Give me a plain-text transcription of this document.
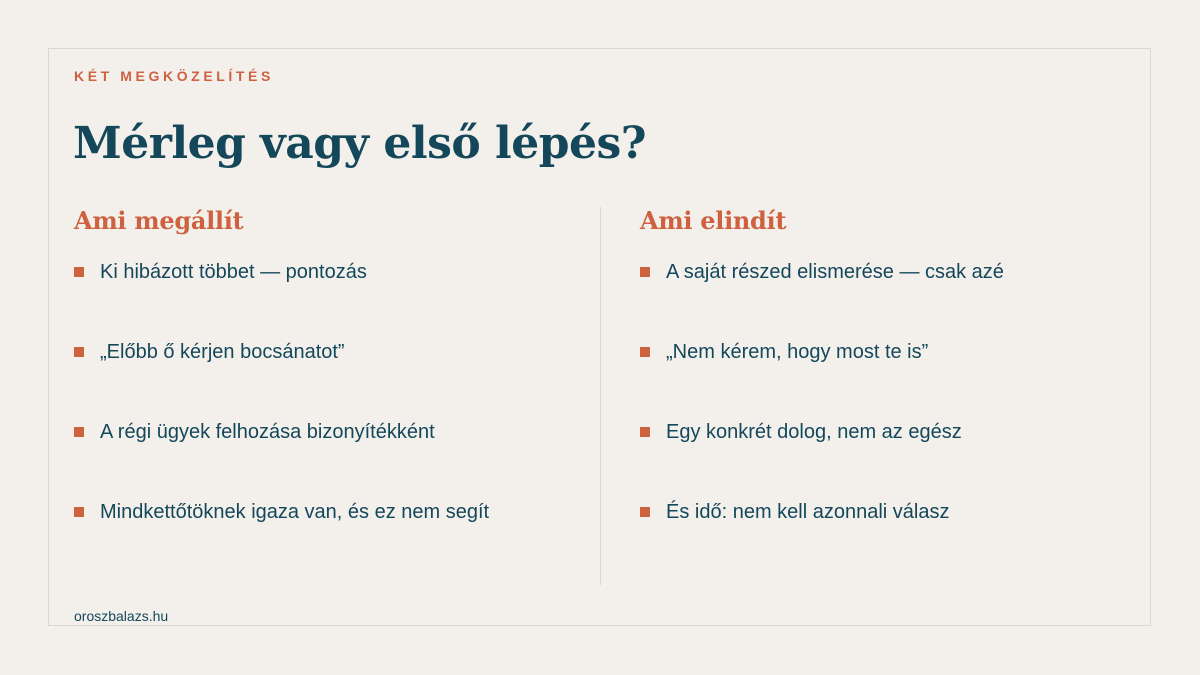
KÉT MEGKÖZELÍTÉS
Mérleg vagy első lépés?
Ami megállít
Ki hibázott többet — pontozás
„Előbb ő kérjen bocsánatot”
A régi ügyek felhozása bizonyítékként
Mindkettőtöknek igaza van, és ez nem segít
Ami elindít
A saját részed elismerése — csak azé
„Nem kérem, hogy most te is”
Egy konkrét dolog, nem az egész
És idő: nem kell azonnali válasz
oroszbalazs.hu
